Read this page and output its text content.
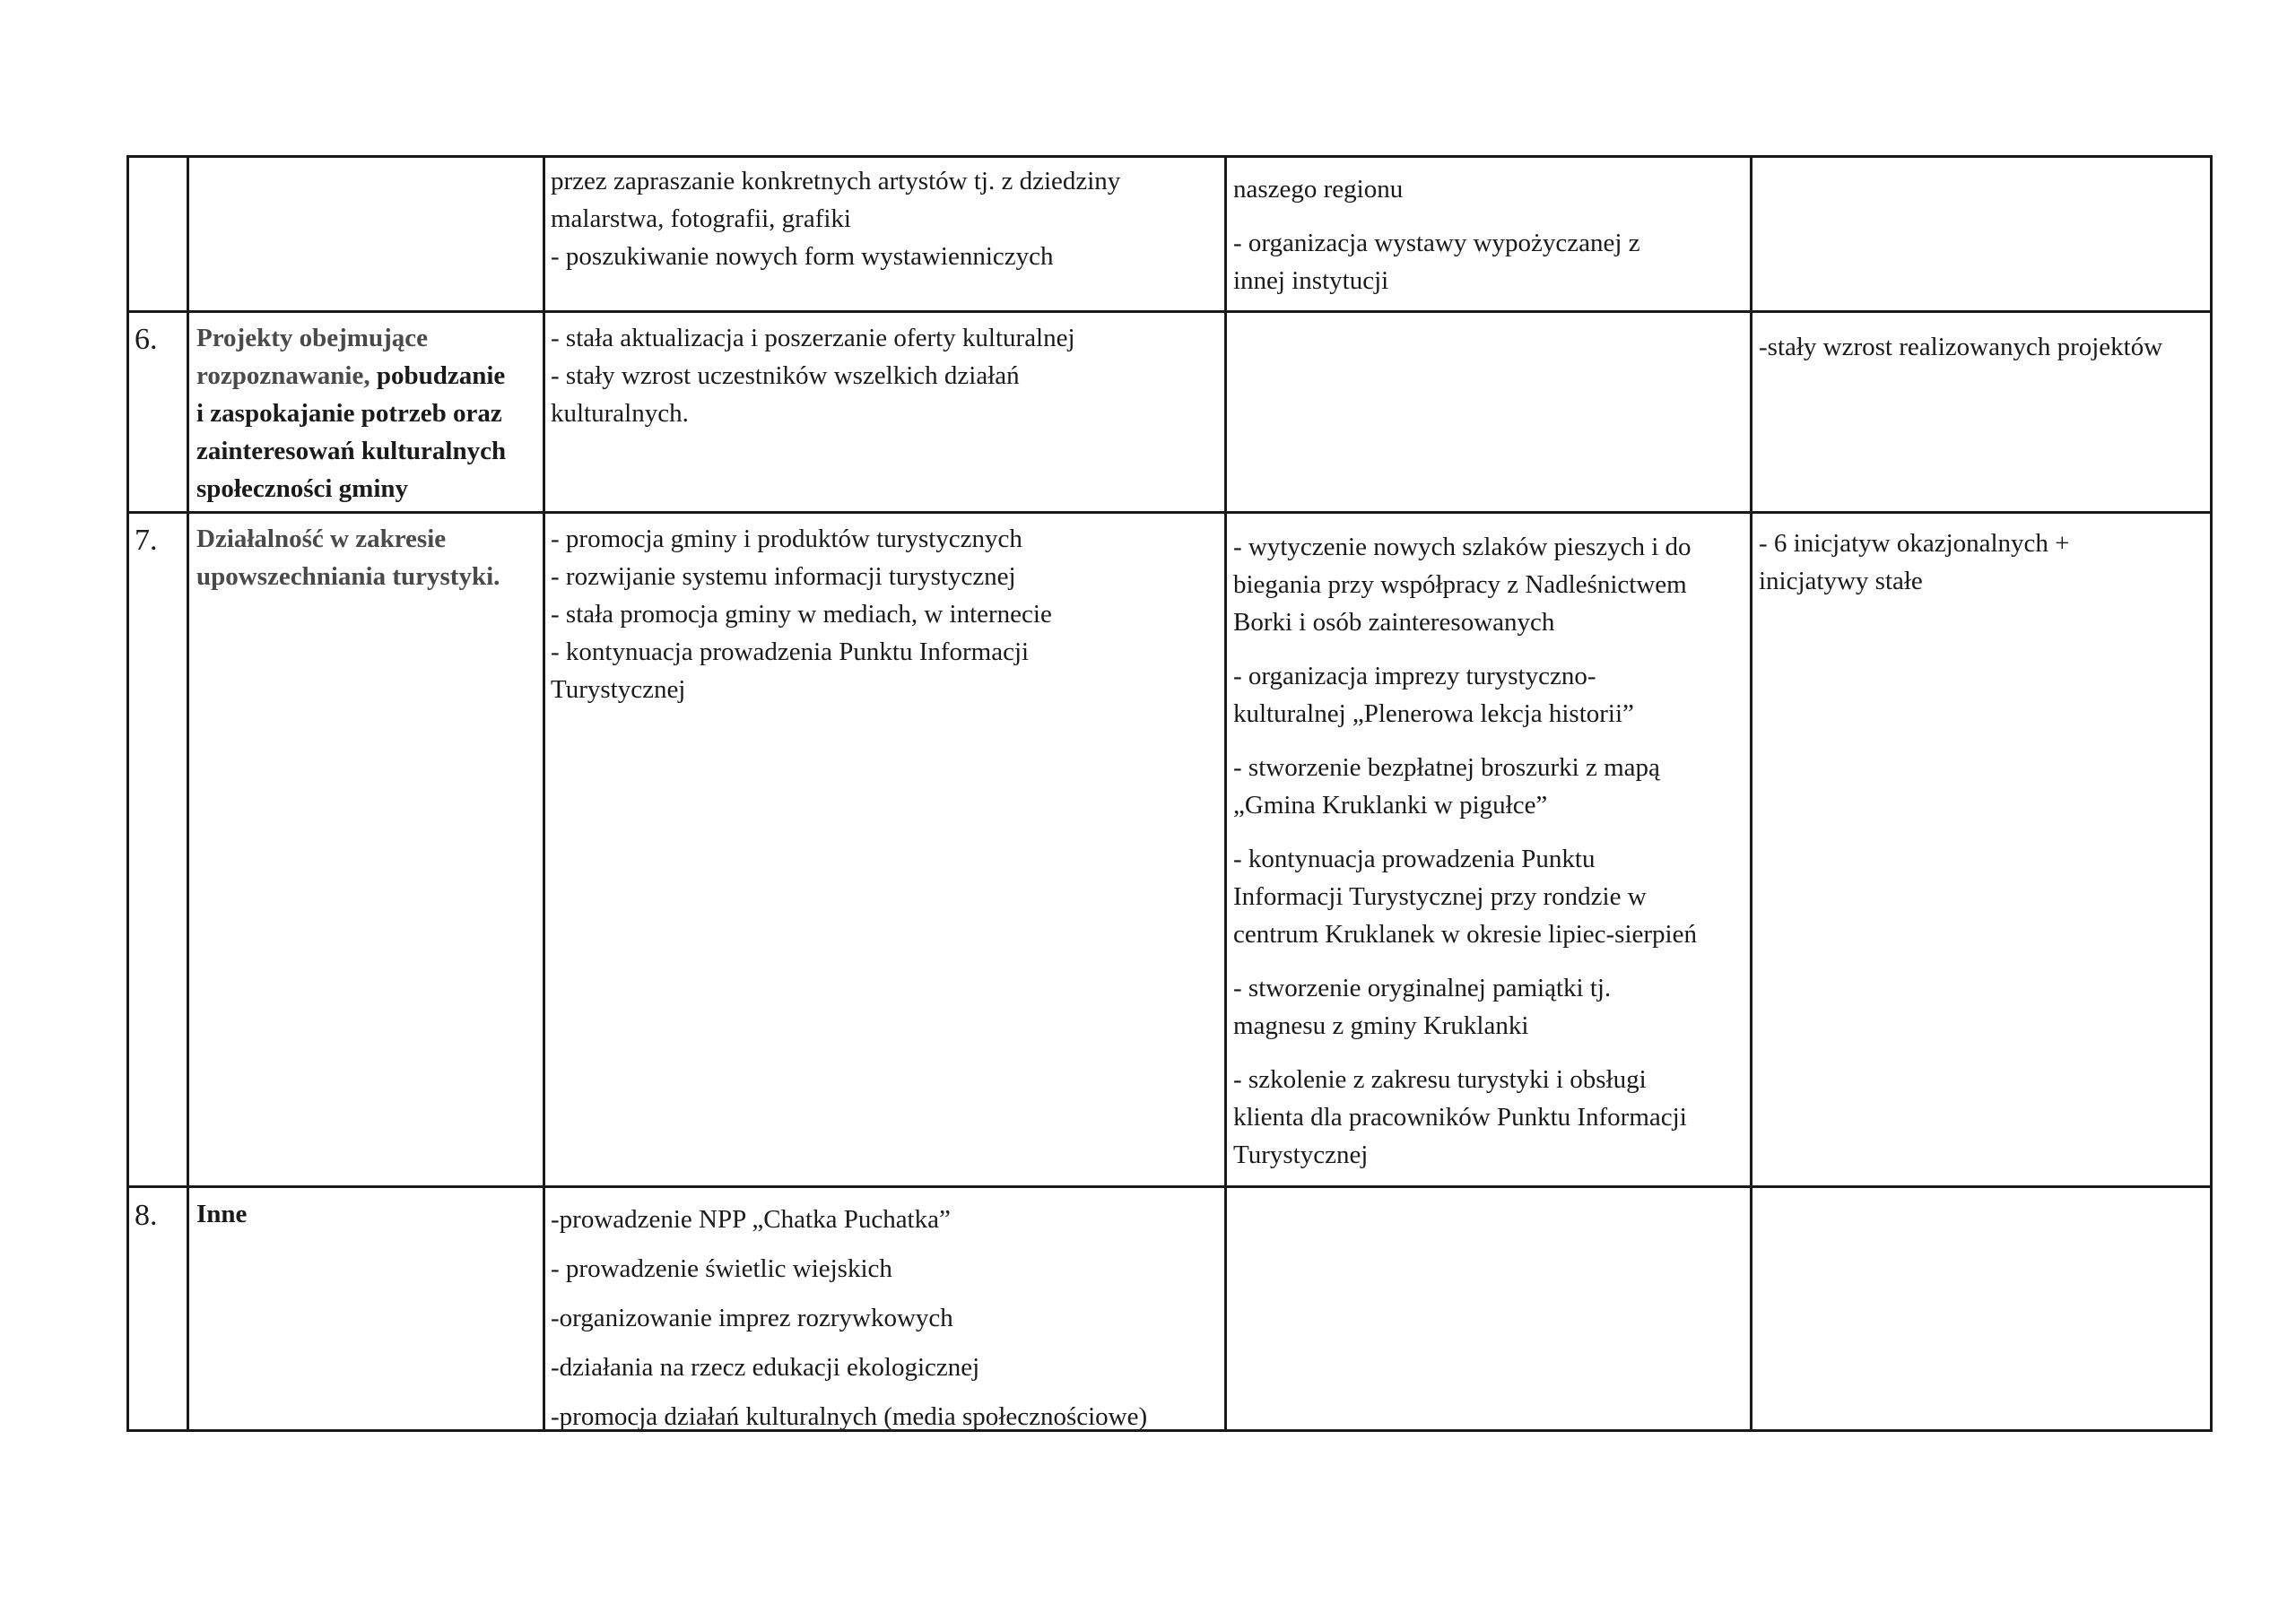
przez zapraszanie konkretnych artystów tj. z dziedziny

malarstwa, fotografii, grafiki

- poszukiwanie nowych form wystawienniczych

naszego regionu

- organizacja wystawy wypożyczanej z

innej instytucji

6. Projekty obejmujące

rozpoznawanie, pobudzanie

i zaspokajanie potrzeb oraz

zainteresowań kulturalnych

społeczności gminy

- stała aktualizacja i poszerzanie oferty kulturalnej

- stały wzrost uczestników wszelkich działań

kulturalnych.

-stały wzrost realizowanych projektów

7. Działalność w zakresie

upowszechniania turystyki.

- promocja gminy i produktów turystycznych

- rozwijanie systemu informacji turystycznej

- stała promocja gminy w mediach, w internecie

- kontynuacja prowadzenia Punktu Informacji

Turystycznej

- wytyczenie nowych szlaków pieszych i do

biegania przy współpracy z Nadleśnictwem

Borki i osób zainteresowanych

- organizacja imprezy turystyczno-

kulturalnej „Plenerowa lekcja historii”

- stworzenie bezpłatnej broszurki z mapą

„Gmina Kruklanki w pigułce”

- kontynuacja prowadzenia Punktu

Informacji Turystycznej przy rondzie w

centrum Kruklanek w okresie lipiec-sierpień

- stworzenie oryginalnej pamiątki tj.

magnesu z gminy Kruklanki

- szkolenie z zakresu turystyki i obsługi

klienta dla pracowników Punktu Informacji

Turystycznej

- 6 inicjatyw okazjonalnych +

inicjatywy stałe

8. Inne	-prowadzenie NPP „Chatka Puchatka”

- prowadzenie świetlic wiejskich

-organizowanie imprez rozrywkowych

-działania na rzecz edukacji ekologicznej

-promocja działań kulturalnych (media społecznościowe)
